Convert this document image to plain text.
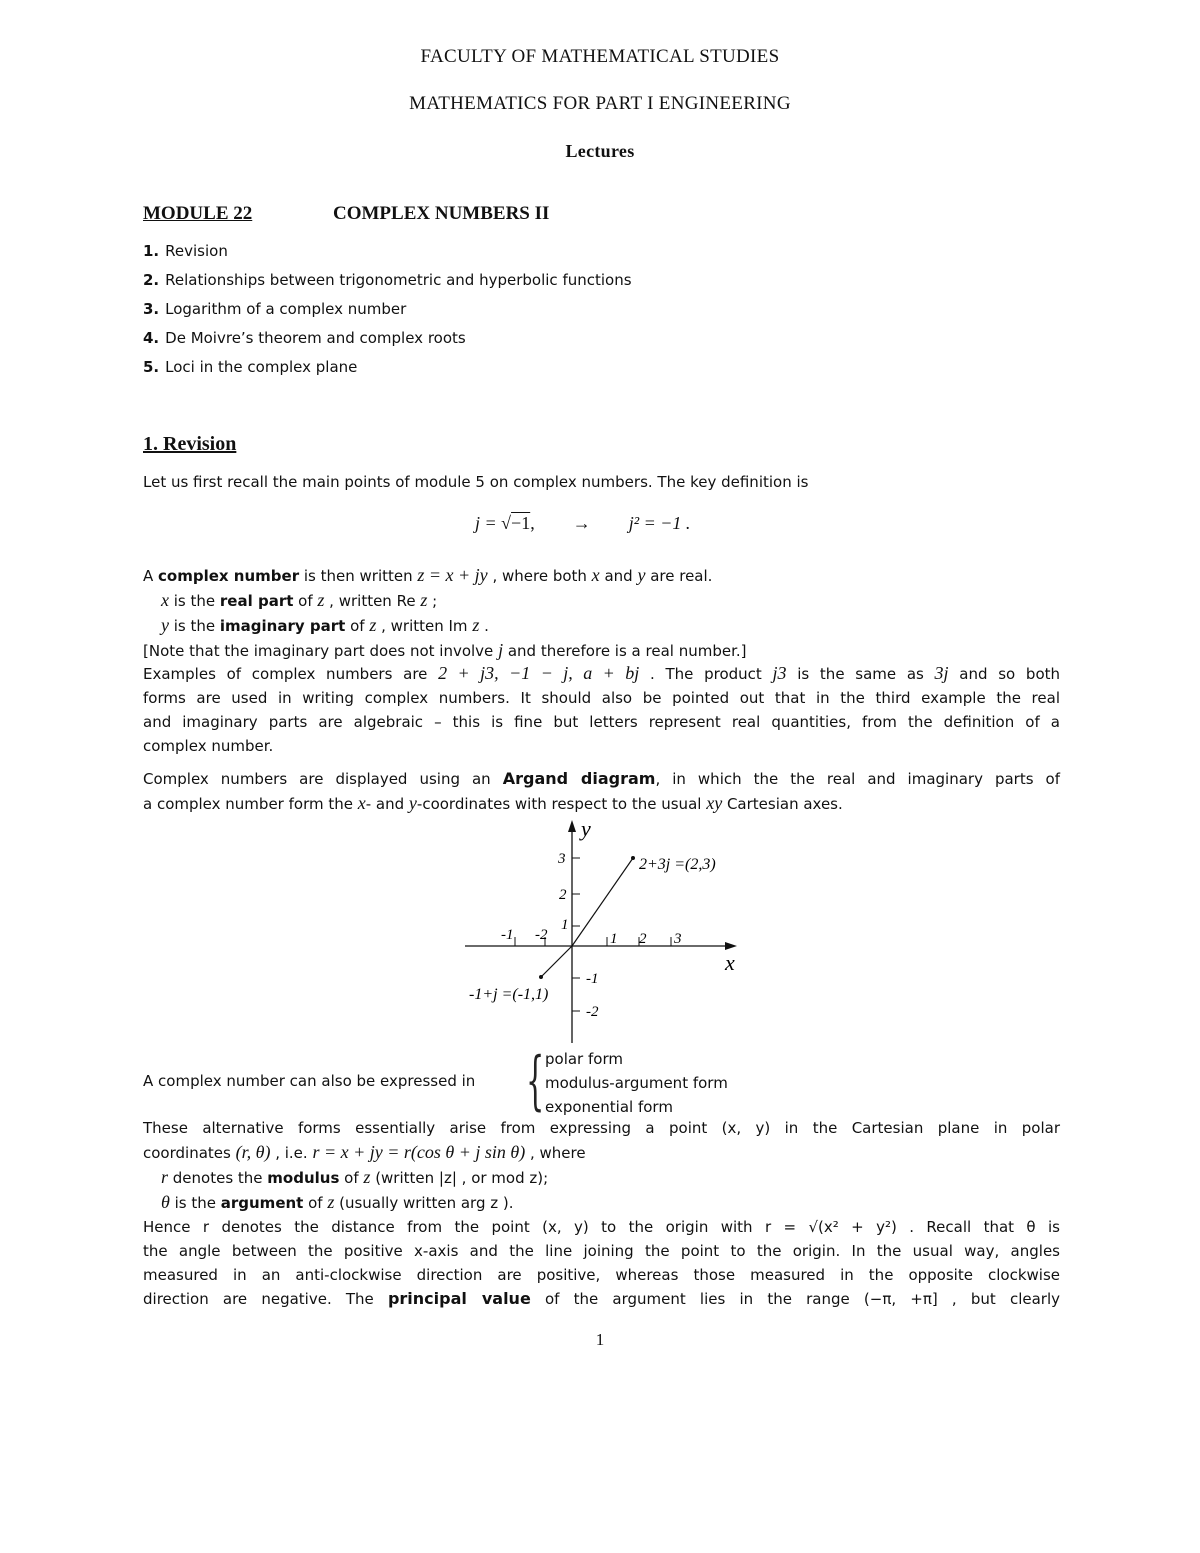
FACULTY OF MATHEMATICAL STUDIES
MATHEMATICS FOR PART I ENGINEERING
Lectures
MODULE 22	COMPLEX NUMBERS II
1. Revision
2. Relationships between trigonometric and hyperbolic functions
3. Logarithm of a complex number
4. De Moivre’s theorem and complex roots
5. Loci in the complex plane
1. Revision
Let us first recall the main points of module 5 on complex numbers. The key definition is
j = √−1, → j² = −1 .
A complex number is then written z = x + jy , where both x and y are real.
x is the real part of z , written Re z ;
y is the imaginary part of z , written Im z .
[Note that the imaginary part does not involve j and therefore is a real number.]
Examples of complex numbers are 2 + j3, −1 − j, a + bj . The product j3 is the same as 3j and so both
forms are used in writing complex numbers. It should also be pointed out that in the third example the real
and imaginary parts are algebraic – this is fine but letters represent real quantities, from the definition of a
complex number.
Complex numbers are displayed using an Argand diagram, in which the the real and imaginary parts of
a complex number form the x- and y-coordinates with respect to the usual xy Cartesian axes.
y
x
3
2
1
-1
-2
-1 -2	1 2 3
2+3j =(2,3)
-1+j =(-1,1)
A complex number can also be expressed in { polar form
modulus-argument form
exponential form
These alternative forms essentially arise from expressing a point (x, y) in the Cartesian plane in polar
coordinates (r, θ) , i.e. r = x + jy = r(cos θ + j sin θ) , where
r denotes the modulus of z (written |z| , or mod z);
θ is the argument of z (usually written arg z ).
Hence r denotes the distance from the point (x, y) to the origin with r = √(x² + y²) . Recall that θ is
the angle between the positive x-axis and the line joining the point to the origin. In the usual way, angles
measured in an anti-clockwise direction are positive, whereas those measured in the opposite clockwise
direction are negative. The principal value of the argument lies in the range (−π, +π] , but clearly
1
